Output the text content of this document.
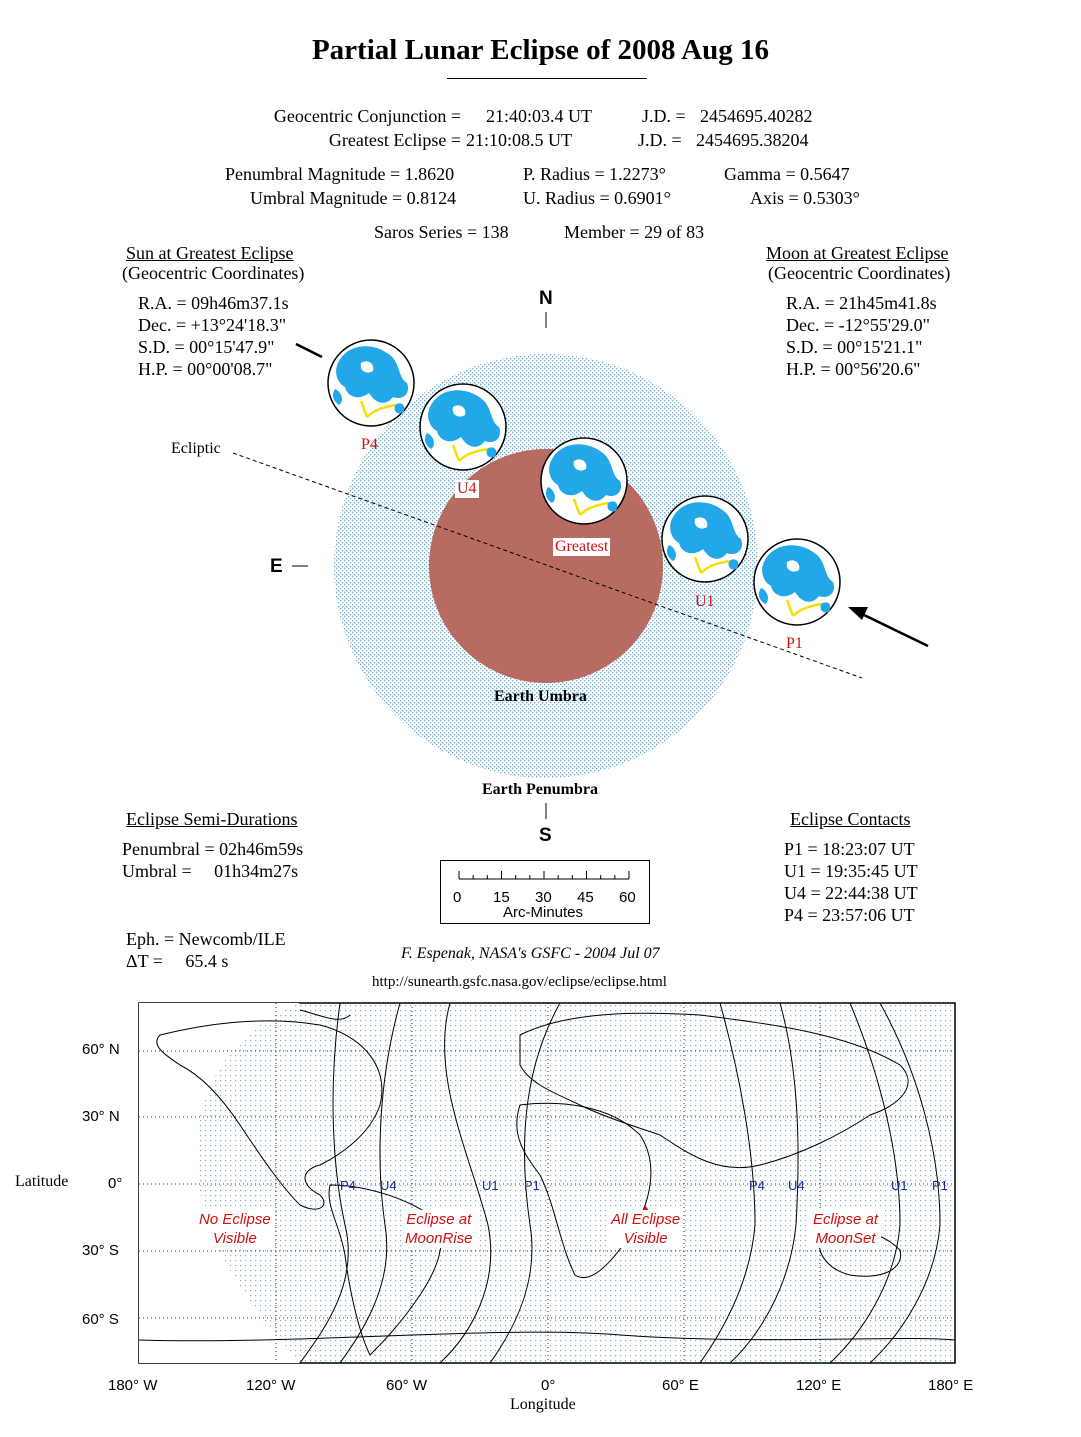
Partial Lunar Eclipse of 2008 Aug 16
Geocentric Conjunction = 21:40:03.4 UT	J.D. = 2454695.40282
Greatest Eclipse = 21:10:08.5 UT	J.D. = 2454695.38204
Penumbral Magnitude = 1.8620
Umbral Magnitude = 0.8124
P. Radius = 1.2273°
U. Radius = 0.6901°
Gamma = 0.5647
Axis = 0.5303°
Saros Series = 138	Member = 29 of 83
Sun at Greatest Eclipse
(Geocentric Coordinates)
R.A. = 09h46m37.1s
Dec. = +13°24'18.3"
S.D. = 00°15'47.9"
H.P. = 00°00'08.7"
Moon at Greatest Eclipse
(Geocentric Coordinates)
R.A. = 21h45m41.8s
Dec. = -12°55'29.0"
S.D. = 00°15'21.1"
H.P. = 00°56'20.6"
N
S
E
Ecliptic
Earth Umbra
Earth Penumbra
P4
U4
Greatest
U1
P1
Eclipse Semi-Durations
Penumbral = 02h46m59s
Umbral =     01h34m27s
0 15 30 45 60
Arc-Minutes
Eclipse Contacts
P1 = 18:23:07 UT
U1 = 19:35:45 UT
U4 = 22:44:38 UT
P4 = 23:57:06 UT
Eph. = Newcomb/ILE
ΔT =     65.4 s	F. Espenak, NASA's GSFC - 2004 Jul 07
http://sunearth.gsfc.nasa.gov/eclipse/eclipse.html
Latitude
Longitude
60° N
30° N
0°
30° S
60° S
180° W	120° W	60° W	0°	60° E	120° E	180° E
P4 U4	U1 P1	P4 U4	U1 P1
No Eclipse
Visible
Eclipse at
MoonRise
All Eclipse
Visible
Eclipse at
MoonSet
